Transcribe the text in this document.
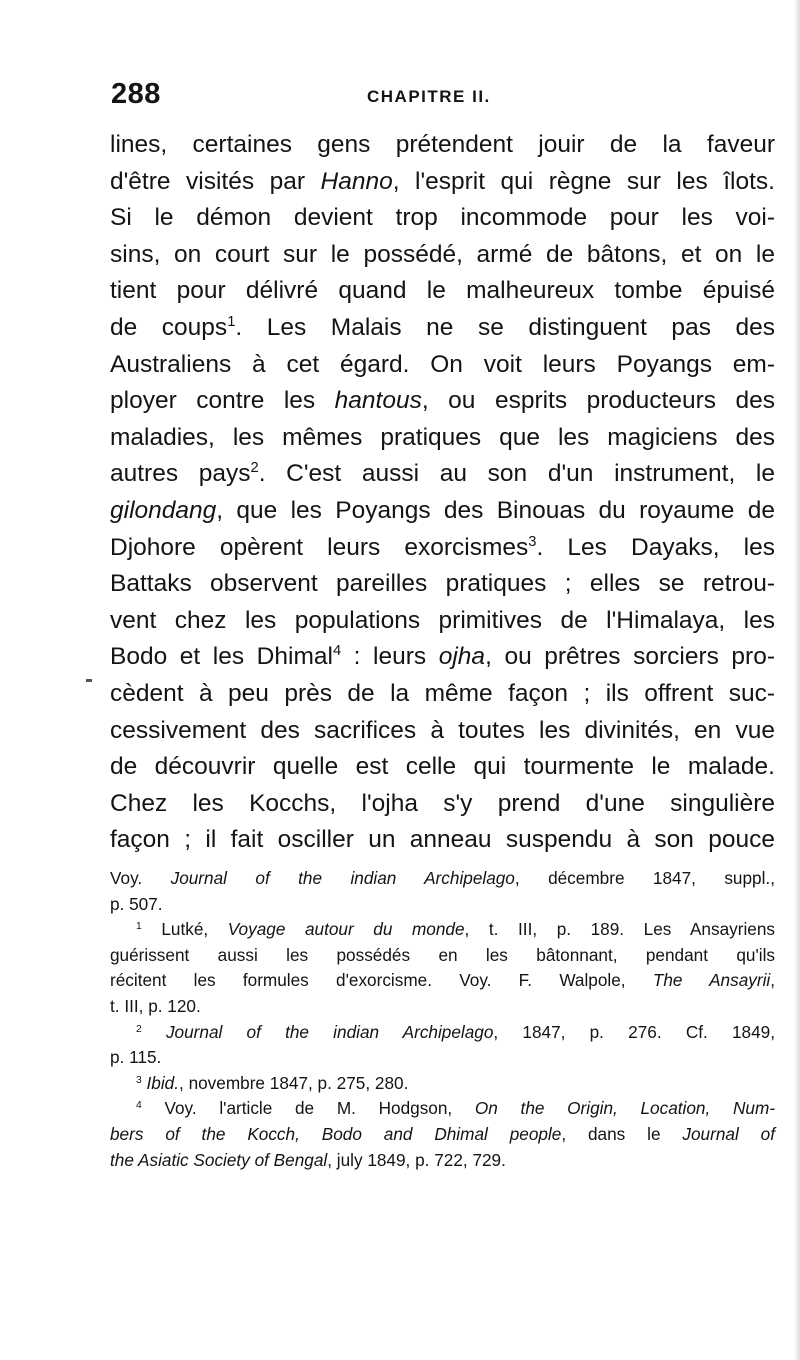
288	CHAPITRE II.
lines, certaines gens prétendent jouir de la faveur
d'être visités par Hanno, l'esprit qui règne sur les îlots.
Si le démon devient trop incommode pour les voi-
sins, on court sur le possédé, armé de bâtons, et on le
tient pour délivré quand le malheureux tombe épuisé
de coups$^1$. Les Malais ne se distinguent pas des
Australiens à cet égard. On voit leurs Poyangs em-
ployer contre les hantous, ou esprits producteurs des
maladies, les mêmes pratiques que les magiciens des
autres pays$^2$. C'est aussi au son d'un instrument, le
gilondang, que les Poyangs des Binouas du royaume de
Djohore opèrent leurs exorcismes$^3$. Les Dayaks, les
Battaks observent pareilles pratiques ; elles se retrou-
vent chez les populations primitives de l'Himalaya, les
Bodo et les Dhimal$^4$ : leurs ojha, ou prêtres sorciers pro-
cèdent à peu près de la même façon ; ils offrent suc-
cessivement des sacrifices à toutes les divinités, en vue
de découvrir quelle est celle qui tourmente le malade.
Chez les Kocchs, l'ojha s'y prend d'une singulière
façon ; il fait osciller un anneau suspendu à son pouce
Voy. Journal of the indian Archipelago, décembre 1847, suppl.,
p. 507.
$^1$ Lutké, Voyage autour du monde, t. III, p. 189. Les Ansayriens
guérissent aussi les possédés en les bâtonnant, pendant qu'ils
récitent les formules d'exorcisme. Voy. F. Walpole, The Ansayrii,
t. III, p. 120.
$^2$ Journal of the indian Archipelago, 1847, p. 276. Cf. 1849,
p. 115.
$^3$ Ibid., novembre 1847, p. 275, 280.
$^4$ Voy. l'article de M. Hodgson, On the Origin, Location, Num-
bers of the Kocch, Bodo and Dhimal people, dans le Journal of
the Asiatic Society of Bengal, july 1849, p. 722, 729.
